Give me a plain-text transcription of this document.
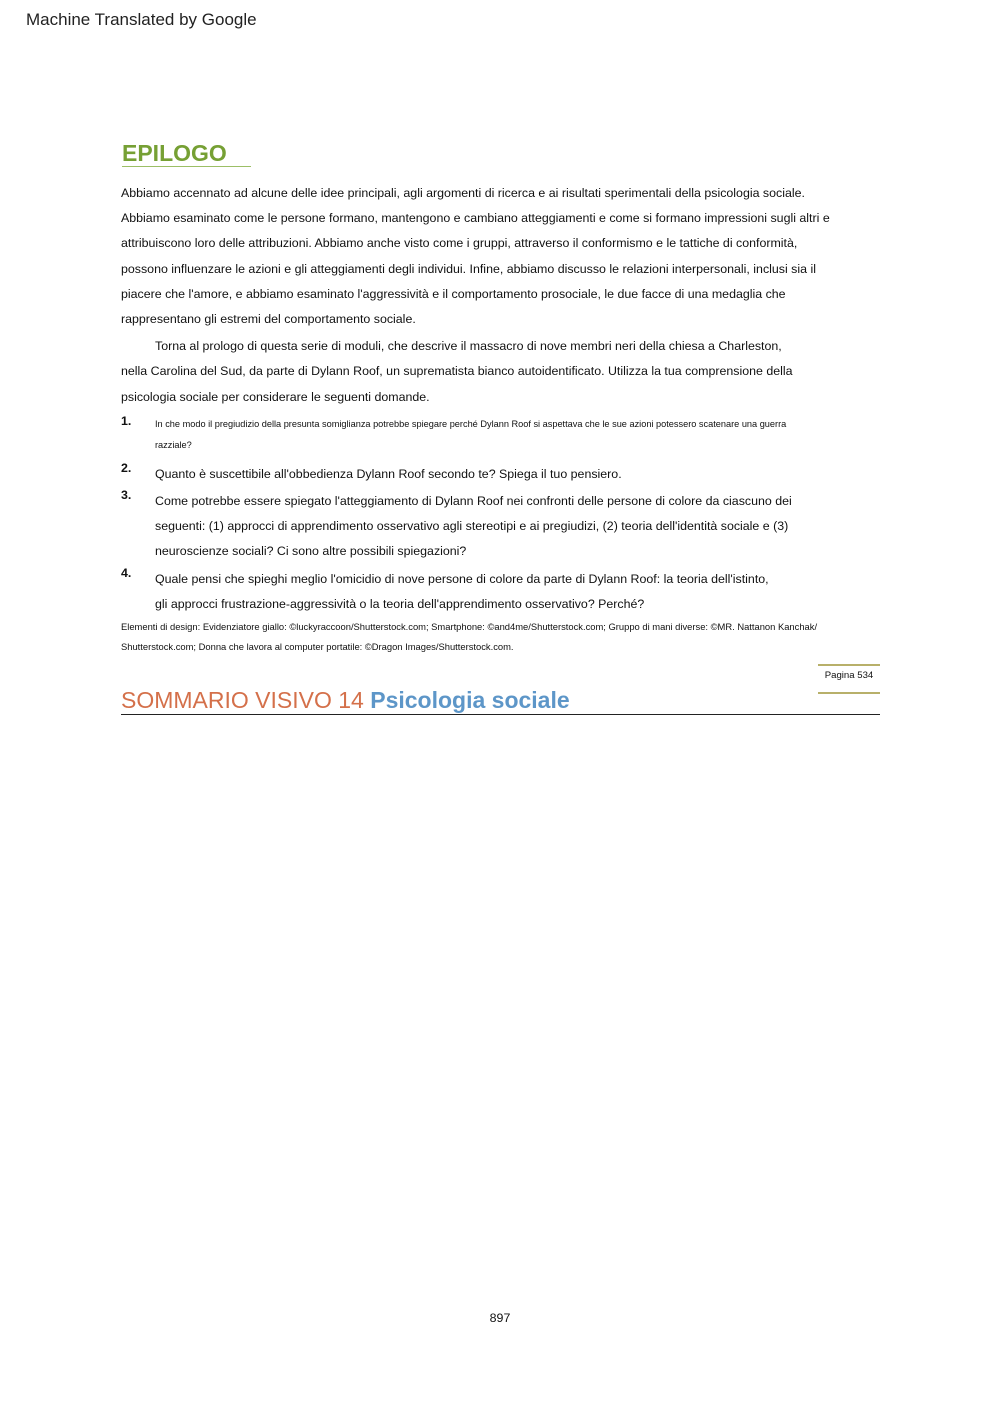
Machine Translated by Google
EPILOGO

Abbiamo accennato ad alcune delle idee principali, agli argomenti di ricerca e ai risultati sperimentali della psicologia sociale.
Abbiamo esaminato come le persone formano, mantengono e cambiano atteggiamenti e come si formano impressioni sugli altri e
attribuiscono loro delle attribuzioni. Abbiamo anche visto come i gruppi, attraverso il conformismo e le tattiche di conformità,
possono influenzare le azioni e gli atteggiamenti degli individui. Infine, abbiamo discusso le relazioni interpersonali, inclusi sia il
piacere che l'amore, e abbiamo esaminato l'aggressività e il comportamento prosociale, le due facce di una medaglia che
rappresentano gli estremi del comportamento sociale.

Torna al prologo di questa serie di moduli, che descrive il massacro di nove membri neri della chiesa a Charleston,
nella Carolina del Sud, da parte di Dylann Roof, un suprematista bianco autoidentificato. Utilizza la tua comprensione della
psicologia sociale per considerare le seguenti domande.

1.	In che modo il pregiudizio della presunta somiglianza potrebbe spiegare perché Dylann Roof si aspettava che le sue azioni potessero scatenare una guerra
razziale?
2. Quanto è suscettibile all'obbedienza Dylann Roof secondo te? Spiega il tuo pensiero.
3. Come potrebbe essere spiegato l'atteggiamento di Dylann Roof nei confronti delle persone di colore da ciascuno dei
seguenti: (1) approcci di apprendimento osservativo agli stereotipi e ai pregiudizi, (2) teoria dell'identità sociale e (3)
neuroscienze sociali? Ci sono altre possibili spiegazioni?
4. Quale pensi che spieghi meglio l'omicidio di nove persone di colore da parte di Dylann Roof: la teoria dell'istinto,
gli approcci frustrazione-aggressività o la teoria dell'apprendimento osservativo? Perché?
Elementi di design: Evidenziatore giallo: ©luckyraccoon/Shutterstock.com; Smartphone: ©and4me/Shutterstock.com; Gruppo di mani diverse: ©MR. Nattanon Kanchak/
Shutterstock.com; Donna che lavora al computer portatile: ©Dragon Images/Shutterstock.com.
Pagina 534
SOMMARIO VISIVO 14 Psicologia sociale
897
